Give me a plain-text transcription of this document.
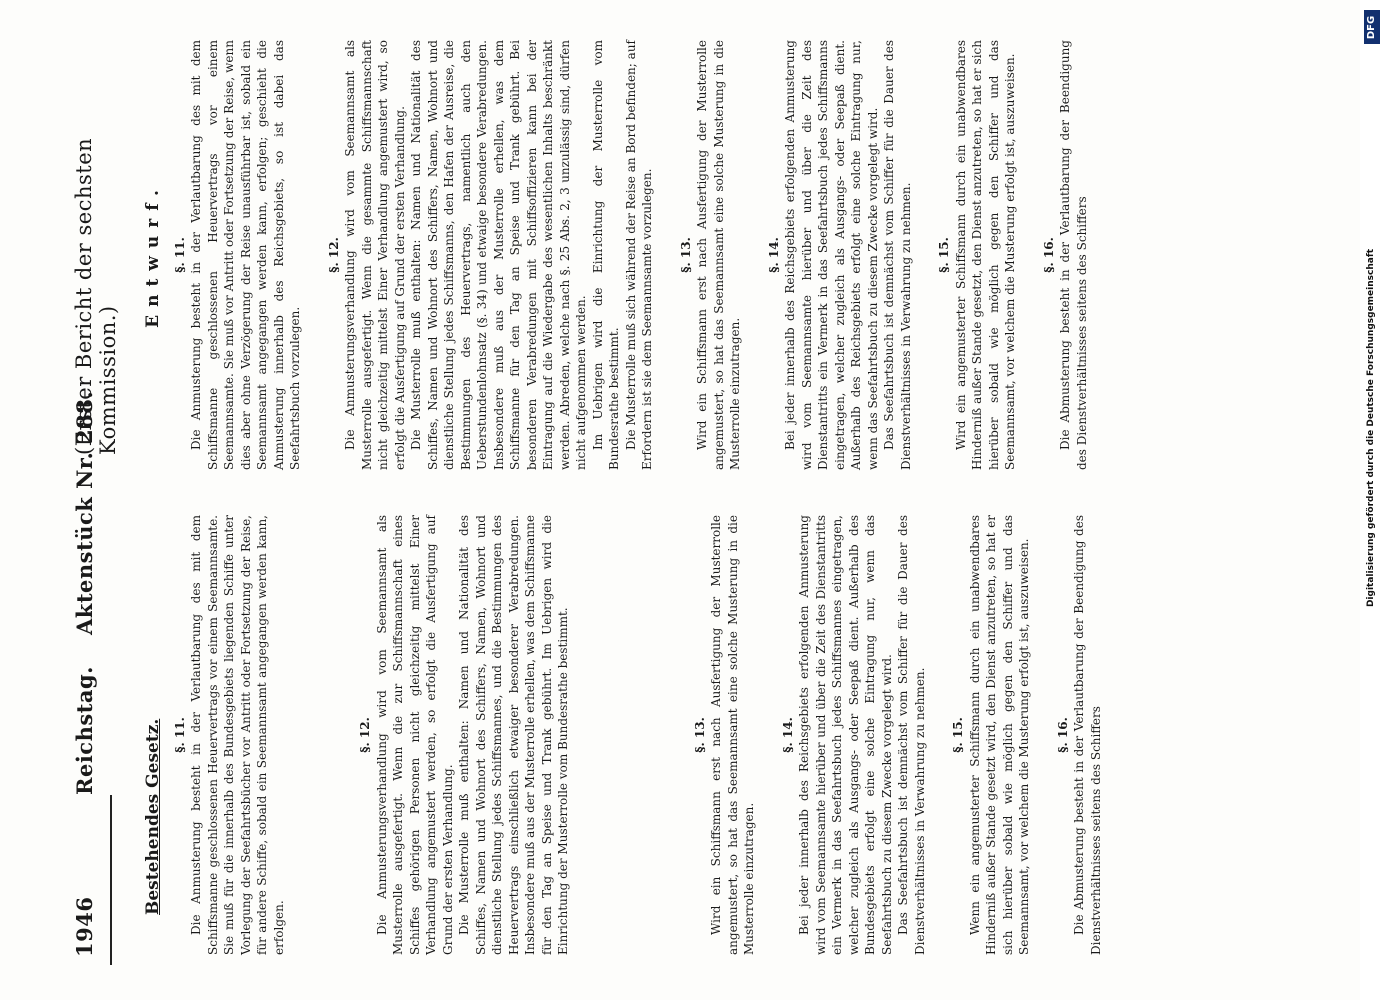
1946
Reichstag.
Aktenstück Nr. 288.
(Erster Bericht der sechsten Kommission.)
Bestehendes Gesetz. §. 11. Die Anmusterung besteht in der Verlautbarung des mit dem Schiffsmanne geschlossenen Heuervertrags vor einem Seemannsamte. Sie muß für die innerhalb des Bundesgebiets liegenden Schiffe unter Vorlegung der Seefahrtsbücher vor Antritt oder Fortsetzung der Reise, für andere Schiffe, sobald ein Seemannsamt angegangen werden kann, erfolgen.

§. 12. Die Anmusterungsverhandlung wird vom Seemannsamt als Musterrolle ausgefertigt. Wenn die zur Schiffsmannschaft eines Schiffes gehörigen Personen nicht gleichzeitig mittelst Einer Verhandlung angemustert werden, so erfolgt die Ausfertigung auf Grund der ersten Verhandlung. Die Musterrolle muß enthalten: Namen und Nationalität des Schiffes, Namen und Wohnort des Schiffers, Namen, Wohnort und dienstliche Stellung jedes Schiffsmannes, und die Bestimmungen des Heuervertrags einschließlich etwaiger besonderer Verabredungen. Insbesondere muß aus der Musterrolle erhellen, was dem Schiffsmanne für den Tag an Speise und Trank gebührt. Im Uebrigen wird die Einrichtung der Musterrolle vom Bundesrathe bestimmt.	§. 13. Wird ein Schiffsmann erst nach Ausfertigung der Musterrolle angemustert, so hat das Seemannsamt eine solche Musterung in die Musterrolle einzutragen.

§. 14. Bei jeder innerhalb des Reichsgebiets erfolgenden Anmusterung wird vom Seemannsamte hierüber und über die Zeit des Dienstantritts ein Vermerk in das Seefahrtsbuch jedes Schiffsmannes eingetragen, welcher zugleich als Ausgangs- oder Seepaß dient. Außerhalb des Bundesgebiets erfolgt eine solche Eintragung nur, wenn das Seefahrtsbuch zu diesem Zwecke vorgelegt wird. Das Seefahrtsbuch ist demnächst vom Schiffer für die Dauer des Dienstverhältnisses in Verwahrung zu nehmen. §. 15. Wenn ein angemusterter Schiffsmann durch ein unabwendbares Hinderniß außer Stande gesetzt wird, den Dienst anzutreten, so hat er sich hierüber sobald wie möglich gegen den Schiffer und das Seemannsamt, vor welchem die Musterung erfolgt ist, auszuweisen. §. 16. Die Abmusterung besteht in der Verlautbarung der Beendigung des Dienstverhältnisses seitens des Schiffers

Entwurf. §. 11. Die Anmusterung besteht in der Verlautbarung des mit dem Schiffsmanne geschlossenen Heuervertrags vor einem Seemannsamte. Sie muß vor Antritt oder Fortsetzung der Reise, wenn dies aber ohne Verzögerung der Reise unausführbar ist, sobald ein Seemannsamt angegangen werden kann, erfolgen; geschieht die Anmusterung innerhalb des Reichsgebiets, so ist dabei das Seefahrtsbuch vorzulegen.

§. 12. Die Anmusterungsverhandlung wird vom Seemannsamt als Musterrolle ausgefertigt. Wenn die gesammte Schiffsmannschaft nicht gleichzeitig mittelst Einer Verhandlung angemustert wird, so erfolgt die Ausfertigung auf Grund der ersten Verhandlung. Die Musterrolle muß enthalten: Namen und Nationalität des Schiffes, Namen und Wohnort des Schiffers, Namen, Wohnort und dienstliche Stellung jedes Schiffsmanns, den Hafen der Ausreise, die Bestimmungen des Heuervertrags, namentlich auch den Ueberstundenlohnsatz (§. 34) und etwaige besondere Verabredungen. Insbesondere muß aus der Musterrolle erhellen, was dem Schiffsmanne für den Tag an Speise und Trank gebührt. Bei besonderen Verabredungen mit Schiffsoffizieren kann bei der Eintragung auf die Wiedergabe des wesentlichen Inhalts beschränkt werden. Abreden, welche nach §. 25 Abs. 2, 3 unzulässig sind, dürfen nicht aufgenommen werden. Im Uebrigen wird die Einrichtung der Musterrolle vom Bundesrathe bestimmt. Die Musterrolle muß sich während der Reise an Bord befinden; auf Erfordern ist sie dem Seemannsamte vorzulegen. §. 13. Wird ein Schiffsmann erst nach Ausfertigung der Musterrolle angemustert, so hat das Seemannsamt eine solche Musterung in die Musterrolle einzutragen.

§. 14. Bei jeder innerhalb des Reichsgebiets erfolgenden Anmusterung wird vom Seemannsamte hierüber und über die Zeit des Dienstantritts ein Vermerk in das Seefahrtsbuch jedes Schiffsmanns eingetragen, welcher zugleich als Ausgangs- oder Seepaß dient. Außerhalb des Reichsgebiets erfolgt eine solche Eintragung nur, wenn das Seefahrtsbuch zu diesem Zwecke vorgelegt wird. Das Seefahrtsbuch ist demnächst vom Schiffer für die Dauer des Dienstverhältnisses in Verwahrung zu nehmen. §. 15. Wird ein angemusterter Schiffsmann durch ein unabwendbares Hinderniß außer Stande gesetzt, den Dienst anzutreten, so hat er sich hierüber sobald wie möglich gegen den Schiffer und das Seemannsamt, vor welchem die Musterung erfolgt ist, auszuweisen. §. 16. Die Abmusterung besteht in der Verlautbarung der Beendigung des Dienstverhältnisses seitens des Schiffers

DFG
Digitalisierung gefördert durch die Deutsche Forschungsgemeinschaft
